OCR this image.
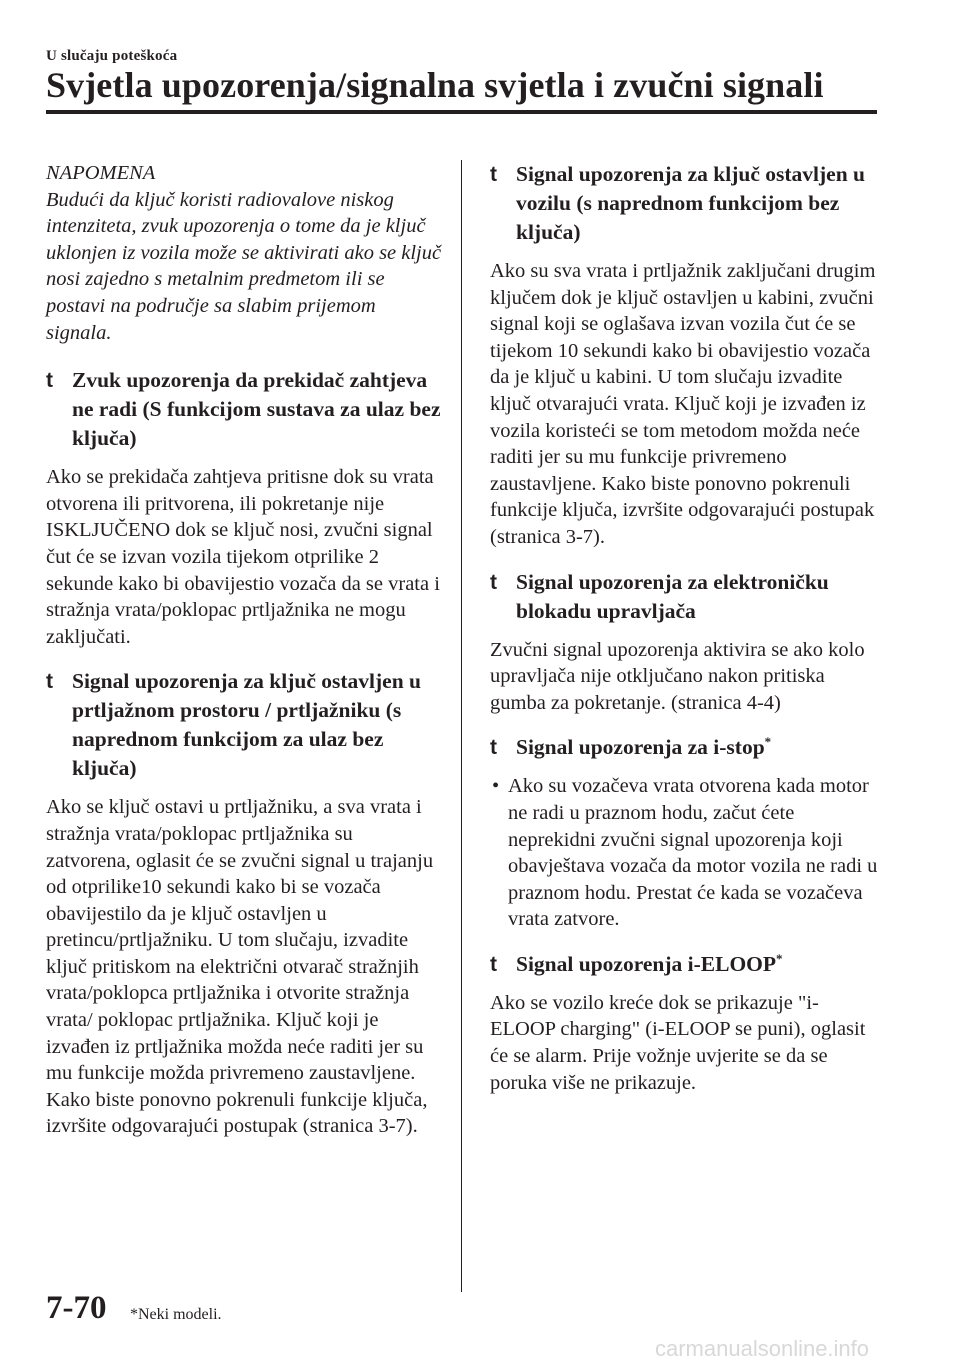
U slučaju poteškoća
Svjetla upozorenja/signalna svjetla i zvučni signali
NAPOMENA
Budući da ključ koristi radiovalove niskog intenziteta, zvuk upozorenja o tome da je ključ uklonjen iz vozila može se aktivirati ako se ključ nosi zajedno s metalnim predmetom ili se postavi na područje sa slabim prijemom signala.
t Zvuk upozorenja da prekidač zahtjeva ne radi (S funkcijom sustava za ulaz bez ključa)

Ako se prekidača zahtjeva pritisne dok su vrata otvorena ili pritvorena, ili pokretanje nije ISKLJUČENO dok se ključ nosi, zvučni signal čut će se izvan vozila tijekom otprilike 2 sekunde kako bi obavijestio vozača da se vrata i stražnja vrata/poklopac prtljažnika ne mogu zaključati.

t Signal upozorenja za ključ ostavljen u prtljažnom prostoru / prtljažniku (s naprednom funkcijom za ulaz bez ključa)

Ako se ključ ostavi u prtljažniku, a sva vrata i stražnja vrata/poklopac prtljažnika su zatvorena, oglasit će se zvučni signal u trajanju od otprilike10 sekundi kako bi se vozača obavijestilo da je ključ ostavljen u pretincu/prtljažniku. U tom slučaju, izvadite ključ pritiskom na električni otvarač stražnjih vrata/poklopca prtljažnika i otvorite stražnja vrata/ poklopac prtljažnika. Ključ koji je izvađen iz prtljažnika možda neće raditi jer su mu funkcije možda privremeno zaustavljene. Kako biste ponovno pokrenuli funkcije ključa, izvršite odgovarajući postupak (stranica 3-7).

t Signal upozorenja za ključ ostavljen u vozilu (s naprednom funkcijom bez ključa)

Ako su sva vrata i prtljažnik zaključani drugim ključem dok je ključ ostavljen u kabini, zvučni signal koji se oglašava izvan vozila čut će se tijekom 10 sekundi kako bi obavijestio vozača da je ključ u kabini. U tom slučaju izvadite ključ otvarajući vrata. Ključ koji je izvađen iz vozila koristeći se tom metodom možda neće raditi jer su mu funkcije privremeno zaustavljene. Kako biste ponovno pokrenuli funkcije ključa, izvršite odgovarajući postupak (stranica 3-7).

t Signal upozorenja za elektroničku blokadu upravljača

Zvučni signal upozorenja aktivira se ako kolo upravljača nije otključano nakon pritiska gumba za pokretanje. (stranica 4-4)

t Signal upozorenja za i-stop*
• Ako su vozačeva vrata otvorena kada motor ne radi u praznom hodu, začut ćete neprekidni zvučni signal upozorenja koji obavještava vozača da motor vozila ne radi u praznom hodu. Prestat će kada se vozačeva vrata zatvore.
t Signal upozorenja i-ELOOP*

Ako se vozilo kreće dok se prikazuje "i-ELOOP charging" (i-ELOOP se puni), oglasit će se alarm. Prije vožnje uvjerite se da se poruka više ne prikazuje.

7-70 *Neki modeli.
carmanualsonline.info
